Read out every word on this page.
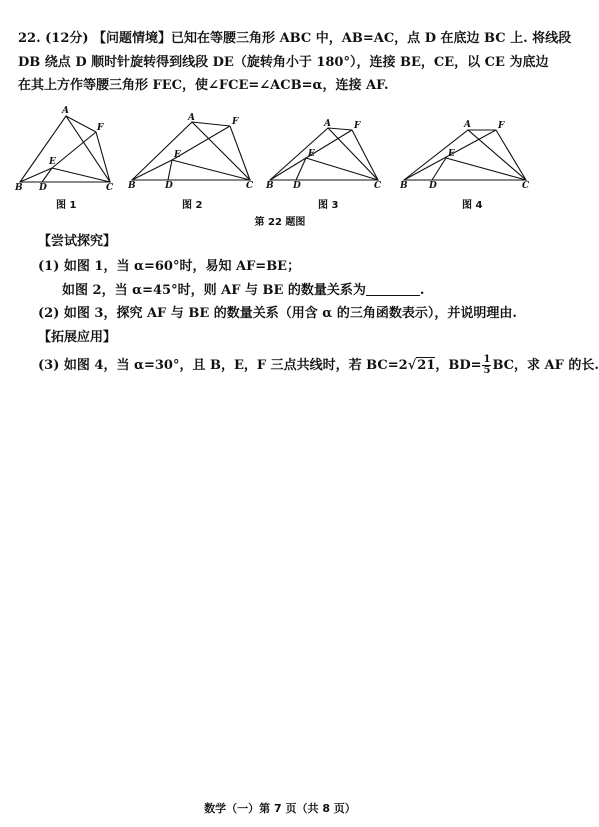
22. (12分) 【问题情境】已知在等腰三角形 ABC 中，AB=AC，点 D 在底边 BC 上. 将线段
DB 绕点 D 顺时针旋转得到线段 DE（旋转角小于 180°），连接 BE，CE，以 CE 为底边
在其上方作等腰三角形 FEC，使∠FCE=∠ACB=α，连接 AF.
A
F
E
B D	C
A	F
E
B	D	C
A	F
E
B D	C
A	F
E
B D	C
图 1	图 2	图 3	图 4
第 22 题图
【尝试探究】
(1) 如图 1，当 α=60°时，易知 AF=BE；
如图 2，当 α=45°时，则 AF 与 BE 的数量关系为	.
(2) 如图 3，探究 AF 与 BE 的数量关系（用含 α 的三角函数表示），并说明理由.
【拓展应用】
(3) 如图 4，当 α=30°，且 B，E，F 三点共线时，若 BC=2√21，$BD= \frac{1}{5}$ BC，求 AF 的长.
数学（一）第 7 页（共 8 页）
